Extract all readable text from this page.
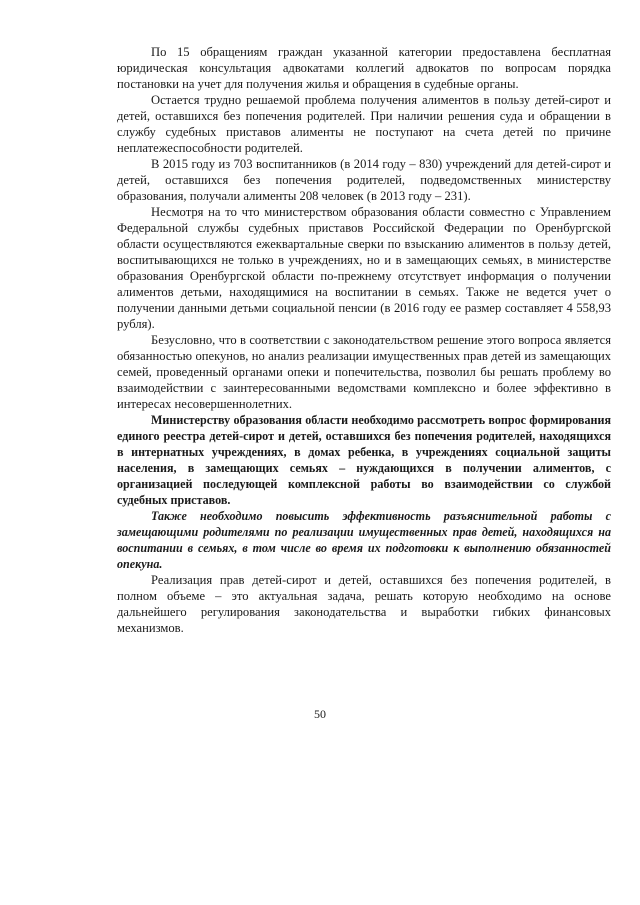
По 15 обращениям граждан указанной категории предоставлена бесплатная юридическая консультация адвокатами коллегий адвокатов по вопросам порядка постановки на учет для получения жилья и обращения в судебные органы.

Остается трудно решаемой проблема получения алиментов в пользу детей-сирот и детей, оставшихся без попечения родителей. При наличии решения суда и обращении в службу судебных приставов алименты не поступают на счета детей по причине неплатежеспособности родителей.

В 2015 году из 703 воспитанников (в 2014 году – 830) учреждений для детей-сирот и детей, оставшихся без попечения родителей, подведомственных министерству образования, получали алименты 208 человек (в 2013 году – 231).

Несмотря на то что министерством образования области совместно с Управлением Федеральной службы судебных приставов Российской Федерации по Оренбургской области осуществляются ежеквартальные сверки по взысканию алиментов в пользу детей, воспитывающихся не только в учреждениях, но и в замещающих семьях, в министерстве образования Оренбургской области по-прежнему отсутствует информация о получении алиментов детьми, находящимися на воспитании в семьях. Также не ведется учет о получении данными детьми социальной пенсии (в 2016 году ее размер составляет 4 558,93 рубля).

Безусловно, что в соответствии с законодательством решение этого вопроса является обязанностью опекунов, но анализ реализации имущественных прав детей из замещающих семей, проведенный органами опеки и попечительства, позволил бы решать проблему во взаимодействии с заинтересованными ведомствами комплексно и более эффективно в интересах несовершеннолетних.

Министерству образования области необходимо рассмотреть вопрос формирования единого реестра детей-сирот и детей, оставшихся без попечения родителей, находящихся в интернатных учреждениях, в домах ребенка, в учреждениях социальной защиты населения, в замещающих семьях – нуждающихся в получении алиментов, с организацией последующей комплексной работы во взаимодействии со службой судебных приставов.

Также необходимо повысить эффективность разъяснительной работы с замещающими родителями по реализации имущественных прав детей, находящихся на воспитании в семьях, в том числе во время их подготовки к выполнению обязанностей опекуна.

Реализация прав детей-сирот и детей, оставшихся без попечения родителей, в полном объеме – это актуальная задача, решать которую необходимо на основе дальнейшего регулирования законодательства и выработки гибких финансовых механизмов.

50
